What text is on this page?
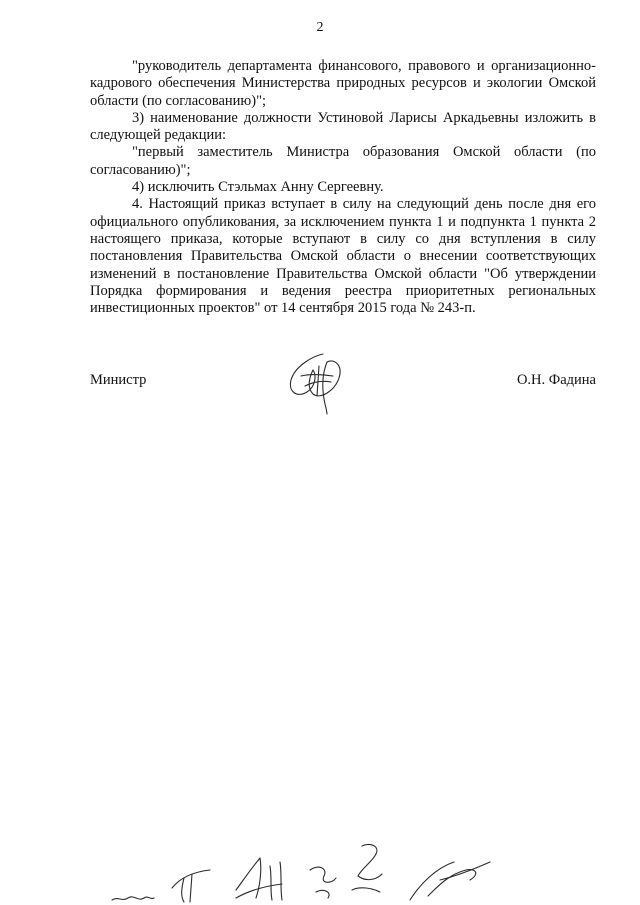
2

"руководитель департамента финансового, правового и организационно-кадрового обеспечения Министерства природных ресурсов и экологии Омской области (по согласованию)";

3) наименование должности Устиновой Ларисы Аркадьевны изложить в следующей редакции:

"первый заместитель Министра образования Омской области (по согласованию)";

4) исключить Стэльмах Анну Сергеевну.

4. Настоящий приказ вступает в силу на следующий день после дня его официального опубликования, за исключением пункта 1 и подпункта 1 пункта 2 настоящего приказа, которые вступают в силу со дня вступления в силу постановления Правительства Омской области о внесении соответствующих изменений в постановление Правительства Омской области "Об утверждении Порядка формирования и ведения реестра приоритетных региональных инвестиционных проектов" от 14 сентября 2015 года № 243-п.

Министр	О.Н. Фадина
